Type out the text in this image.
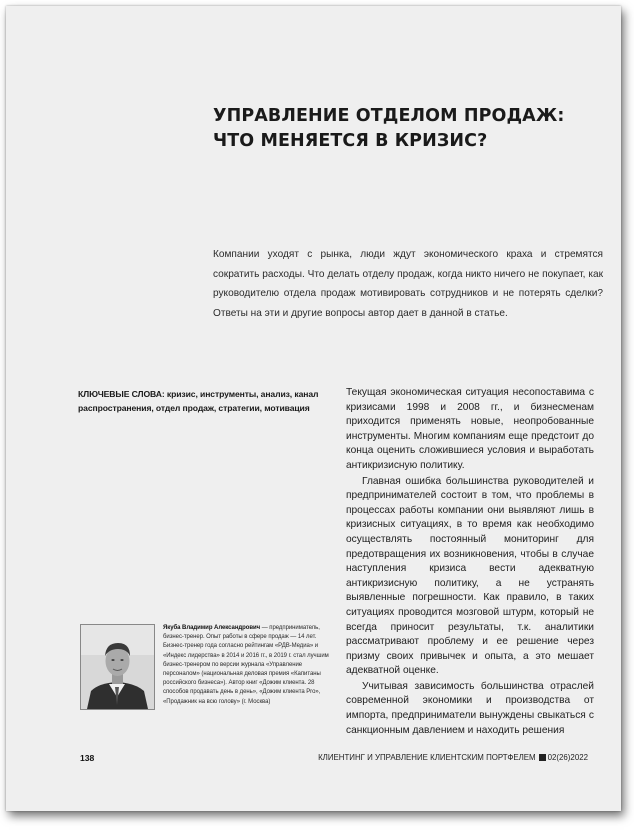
УПРАВЛЕНИЕ ОТДЕЛОМ ПРОДАЖ:
ЧТО МЕНЯЕТСЯ В КРИЗИС?
Компании уходят с рынка, люди ждут экономического краха и стремятся сократить расходы. Что делать отделу продаж, когда никто ничего не покупает, как руководителю отдела продаж мотивировать сотрудников и не потерять сделки? Ответы на эти и другие вопросы автор дает в данной в статье.
КЛЮЧЕВЫЕ СЛОВА: кризис, инструменты, анализ, канал распространения, отдел продаж, стратегии, мотивация

Текущая экономическая ситуация несопоставима с кризисами 1998 и 2008 гг., и бизнесменам приходится применять новые, неопробованные инструменты. Многим компаниям еще предстоит до конца оценить сложившиеся условия и выработать антикризисную политику.

Главная ошибка большинства руководителей и предпринимателей состоит в том, что проблемы в процессах работы компании они выявляют лишь в кризисных ситуациях, в то время как необходимо осуществлять постоянный мониторинг для предотвращения их возникновения, чтобы в случае наступления кризиса вести адекватную антикризисную политику, а не устранять выявленные погрешности. Как правило, в таких ситуациях проводится мозговой штурм, который не всегда приносит результаты, т.к. аналитики рассматривают проблему и ее решение через призму своих привычек и опыта, а это мешает адекватной оценке.

Учитывая зависимость большинства отраслей современной экономики и производства от импорта, предприниматели вынуждены свыкаться с санкционным давлением и находить решения

Якуба Владимир Александрович — предприниматель, бизнес-тренер. Опыт работы в сфере продаж — 14 лет. Бизнес-тренер года согласно рейтингам «РДВ-Медиа» и «Индекс лидерства» в 2014 и 2016 гг., в 2019 г. стал лучшим бизнес-тренером по версии журнала «Управление персоналом» (национальная деловая премия «Капитаны российского бизнеса»). Автор книг «Дожим клиента. 28 способов продавать день в день», «Дожим клиента Pro», «Продажник на всю голову» (г. Москва)
138	КЛИЕНТИНГ И УПРАВЛЕНИЕ КЛИЕНТСКИМ ПОРТФЕЛЕМ 02(26)2022
